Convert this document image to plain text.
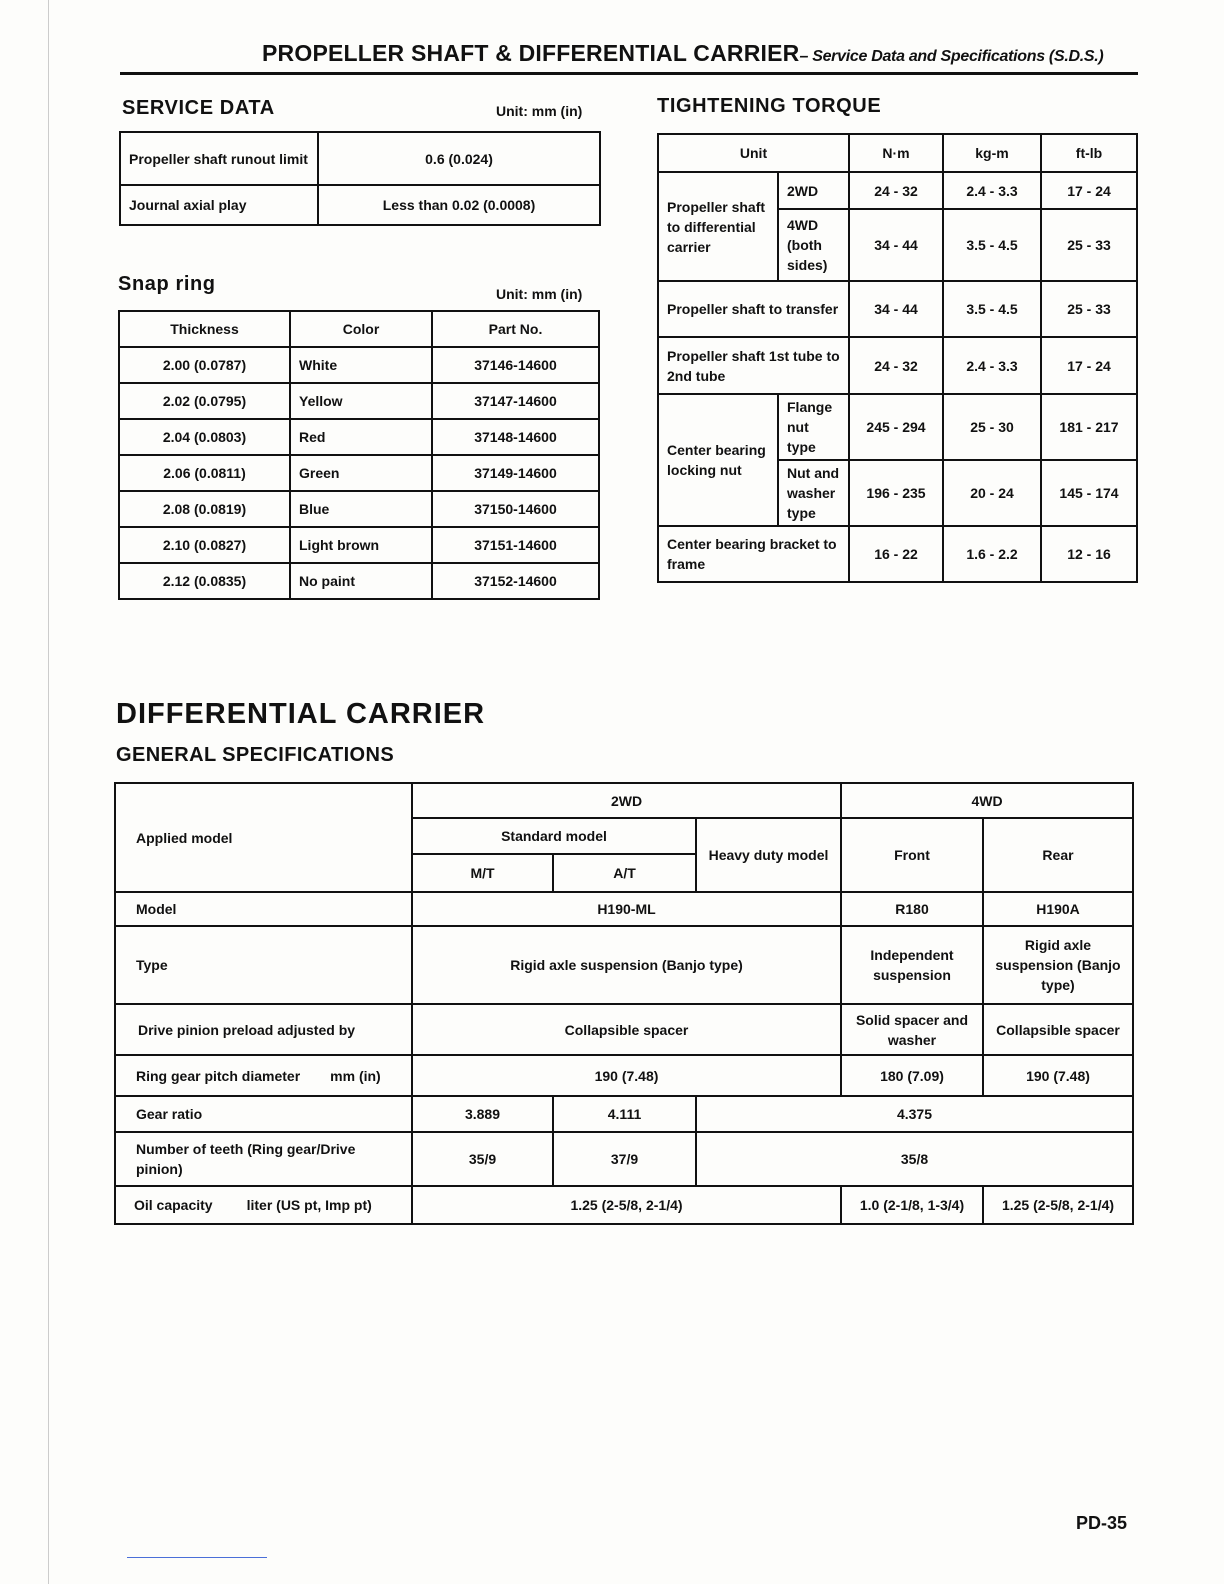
PROPELLER SHAFT & DIFFERENTIAL CARRIER– Service Data and Specifications (S.D.S.)
SERVICE DATA	Unit: mm (in)
Propeller shaft runout limit	0.6 (0.024)
Journal axial play	Less than 0.02 (0.0008)
Snap ring	Unit: mm (in)
Thickness	Color	Part No.
2.00 (0.0787)	White	37146-14600
2.02 (0.0795)	Yellow	37147-14600
2.04 (0.0803)	Red	37148-14600
2.06 (0.0811)	Green	37149-14600
2.08 (0.0819)	Blue	37150-14600
2.10 (0.0827)	Light brown	37151-14600
2.12 (0.0835)	No paint	37152-14600
TIGHTENING TORQUE
Unit		N·m	kg-m	ft-lb
Propeller shaft to differential carrier	2WD	24 - 32	2.4 - 3.3	17 - 24
	4WD (both sides)	34 - 44	3.5 - 4.5	25 - 33
Propeller shaft to transfer		34 - 44	3.5 - 4.5	25 - 33
Propeller shaft 1st tube to 2nd tube		24 - 32	2.4 - 3.3	17 - 24
Center bearing locking nut	Flange nut type	245 - 294	25 - 30	181 - 217
	Nut and washer type	196 - 235	20 - 24	145 - 174
Center bearing bracket to frame		16 - 22	1.6 - 2.2	12 - 16
DIFFERENTIAL CARRIER
GENERAL SPECIFICATIONS
Applied model	2WD			4WD	
	Standard model		Heavy duty model	Front	Rear
	M/T	A/T			
Model	H190-ML			R180	H190A
Type	Rigid axle suspension (Banjo type)			Independent suspension	Rigid axle suspension (Banjo type)
Drive pinion preload adjusted by	Collapsible spacer			Solid spacer and washer	Collapsible spacer
Ring gear pitch diameter mm (in)	190 (7.48)			180 (7.09)	190 (7.48)
Gear ratio	3.889	4.111	4.375		
Number of teeth (Ring gear/Drive pinion)	35/9	37/9	35/8		
Oil capacity liter (US pt, Imp pt)	1.25 (2-5/8, 2-1/4)			1.0 (2-1/8, 1-3/4)	1.25 (2-5/8, 2-1/4)
PD-35
